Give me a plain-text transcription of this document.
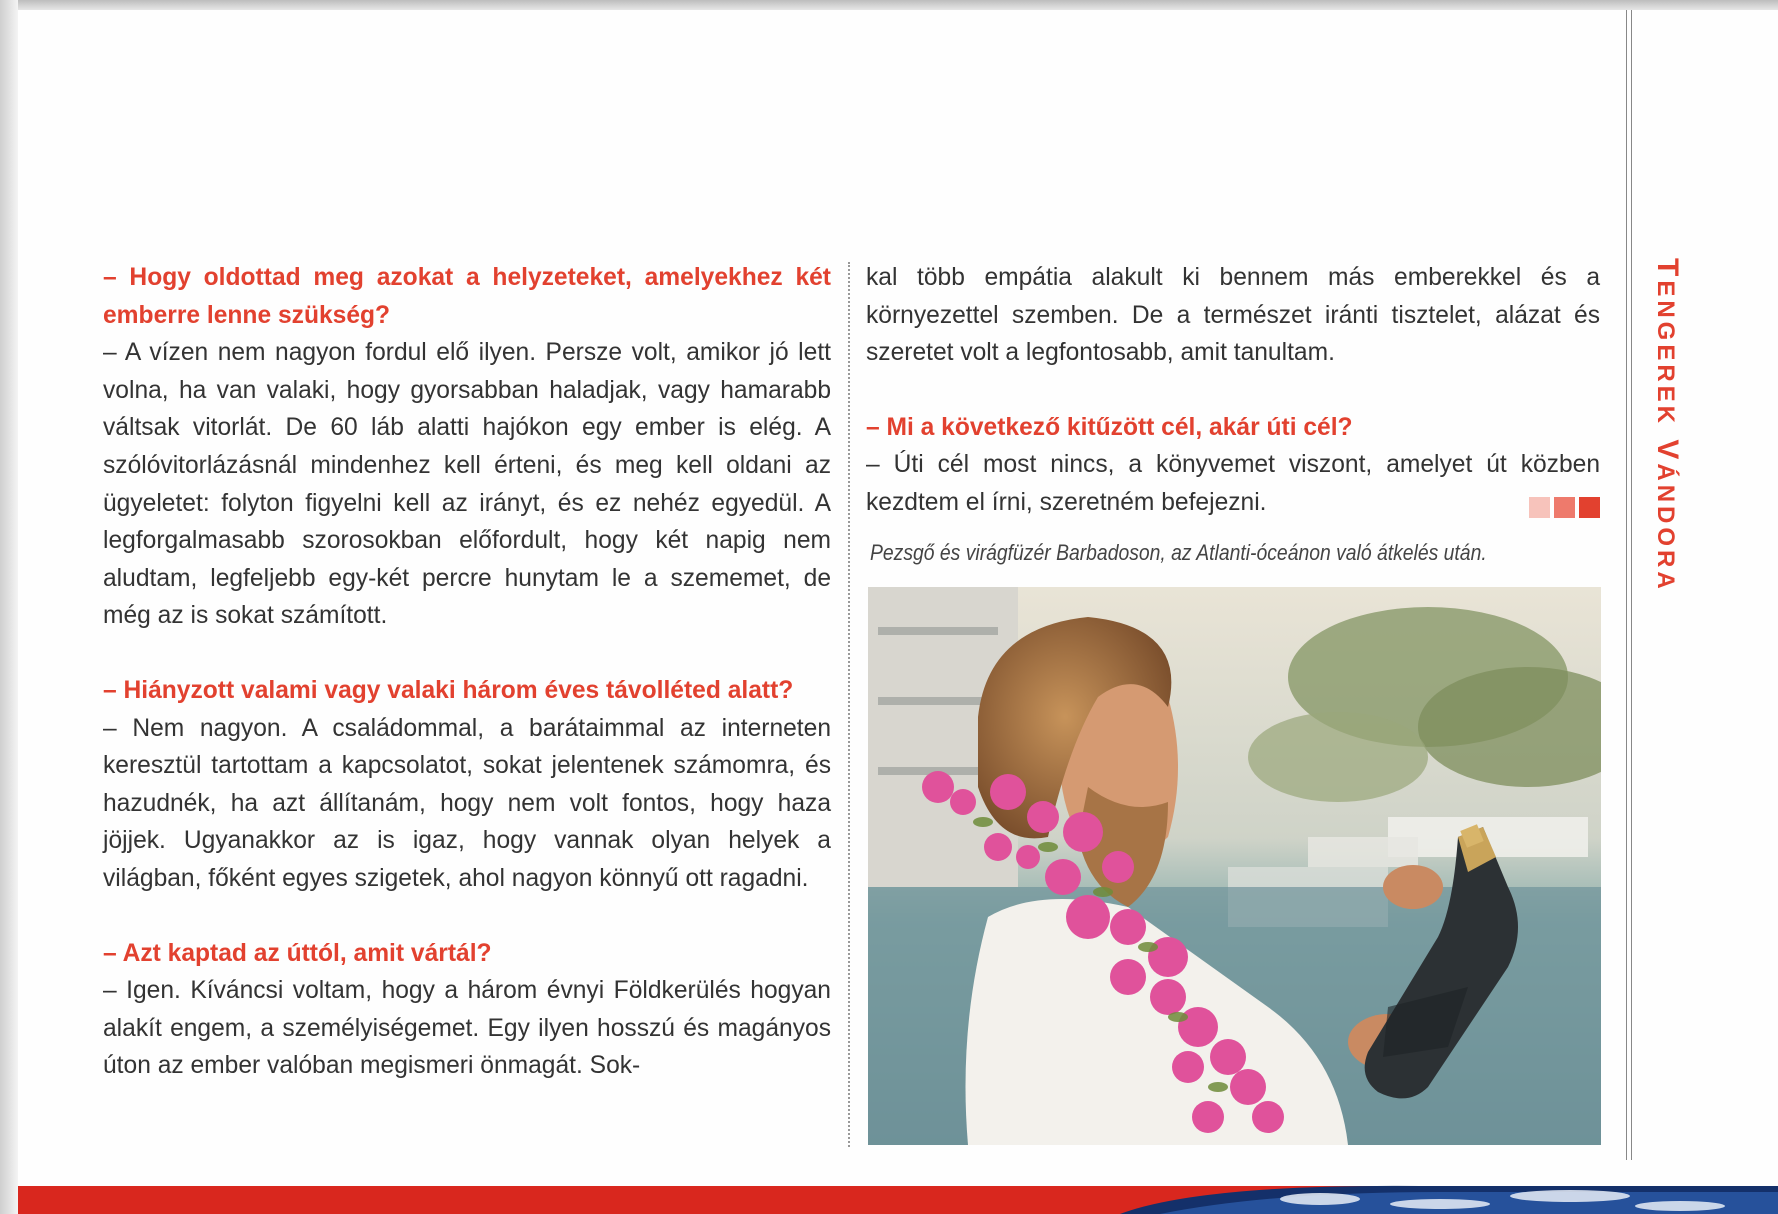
– Hogy oldottad meg azokat a helyzeteket, amelyekhez két emberre lenne szükség?

– A vízen nem nagyon fordul elő ilyen. Persze volt, amikor jó lett volna, ha van valaki, hogy gyorsabban haladjak, vagy hamarabb váltsak vitorlát. De 60 láb alatti hajókon egy ember is elég. A szólóvitorlázásnál mindenhez kell érteni, és meg kell oldani az ügyeletet: folyton figyelni kell az irányt, és ez nehéz egyedül. A legforgalmasabb szorosokban előfordult, hogy két napig nem aludtam, legfeljebb egy-két percre hunytam le a szememet, de még az is sokat számított.

– Hiányzott valami vagy valaki három éves távolléted alatt?

– Nem nagyon. A családommal, a barátaimmal az interneten keresztül tartottam a kapcsolatot, sokat jelentenek számomra, és hazudnék, ha azt állítanám, hogy nem volt fontos, hogy haza jöjjek. Ugyanakkor az is igaz, hogy vannak olyan helyek a világban, főként egyes szigetek, ahol nagyon könnyű ott ragadni.

– Azt kaptad az úttól, amit vártál?

– Igen. Kíváncsi voltam, hogy a három évnyi Földkerülés hogyan alakít engem, a személyiségemet. Egy ilyen hosszú és magányos úton az ember valóban megismeri önmagát. Sok-

kal több empátia alakult ki bennem más emberekkel és a környezettel szemben. De a természet iránti tisztelet, alázat és szeretet volt a legfontosabb, amit tanultam.

– Mi a következő kitűzött cél, akár úti cél?

– Úti cél most nincs, a könyvemet viszont, amelyet út közben kezdtem el írni, szeretném befejezni.

Pezsgő és virágfüzér Barbadoson, az Atlanti-óceánon való átkelés után.
TENGEREK VÁNDORA
